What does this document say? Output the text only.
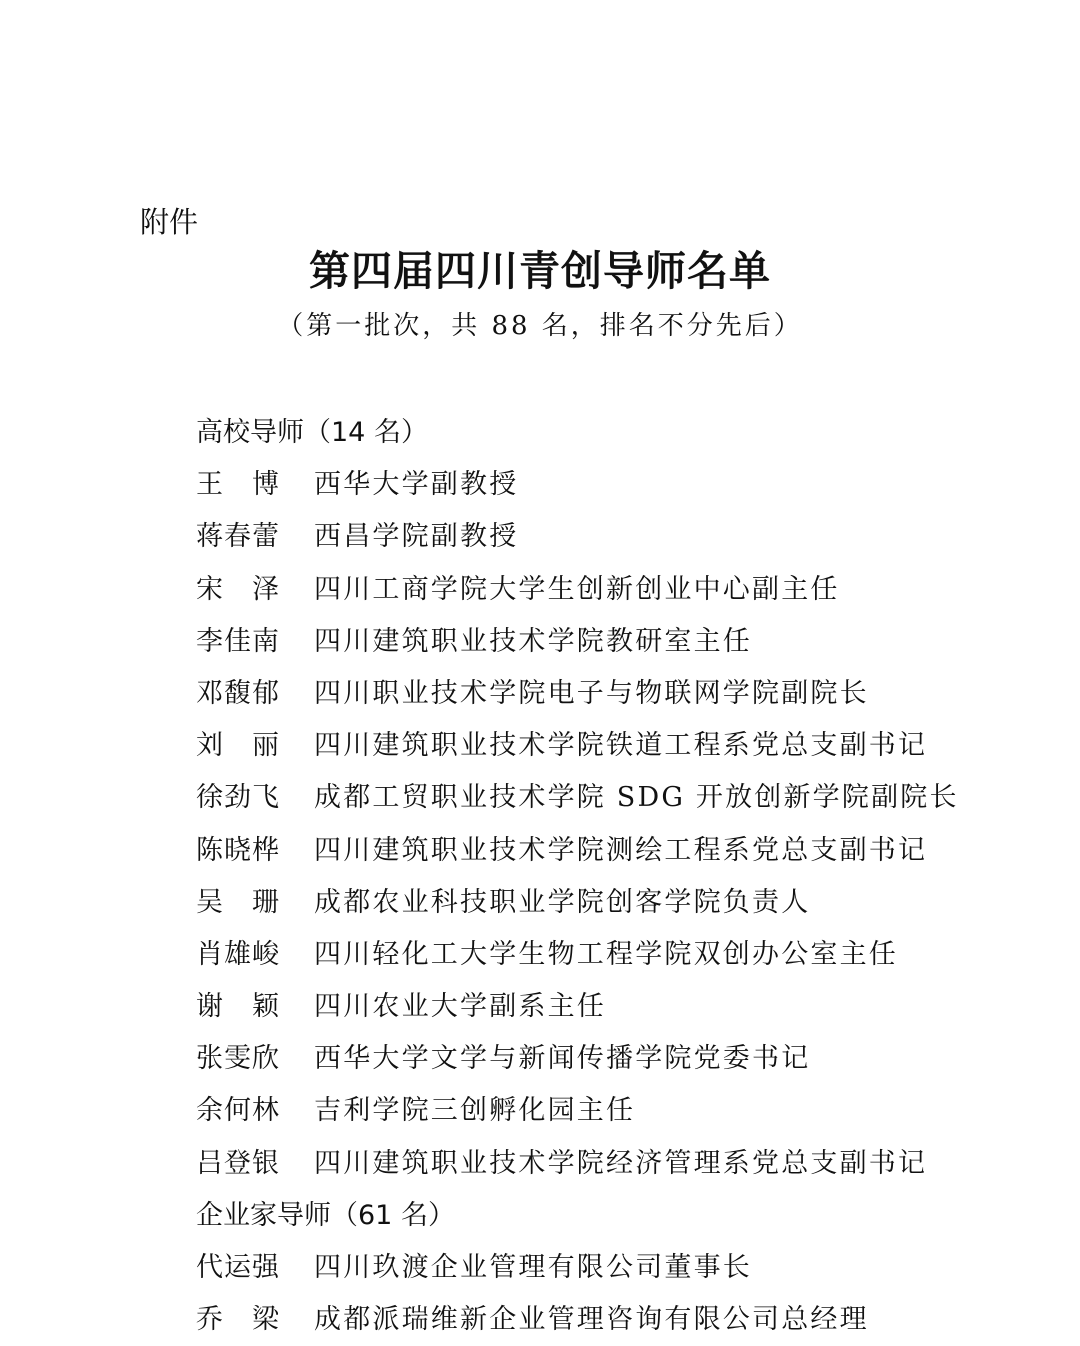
附件
第四届四川青创导师名单
（第一批次，共 88 名，排名不分先后）
高校导师（14 名）
王　博	西华大学副教授
蒋春蕾	西昌学院副教授
宋　泽	四川工商学院大学生创新创业中心副主任
李佳南	四川建筑职业技术学院教研室主任
邓馥郁	四川职业技术学院电子与物联网学院副院长
刘　丽	四川建筑职业技术学院铁道工程系党总支副书记
徐劲飞	成都工贸职业技术学院 SDG 开放创新学院副院长
陈晓桦	四川建筑职业技术学院测绘工程系党总支副书记
吴　珊	成都农业科技职业学院创客学院负责人
肖雄峻	四川轻化工大学生物工程学院双创办公室主任
谢　颖	四川农业大学副系主任
张雯欣	西华大学文学与新闻传播学院党委书记
余何林	吉利学院三创孵化园主任
吕登银	四川建筑职业技术学院经济管理系党总支副书记
企业家导师（61 名）
代运强	四川玖渡企业管理有限公司董事长
乔　梁	成都派瑞维新企业管理咨询有限公司总经理
